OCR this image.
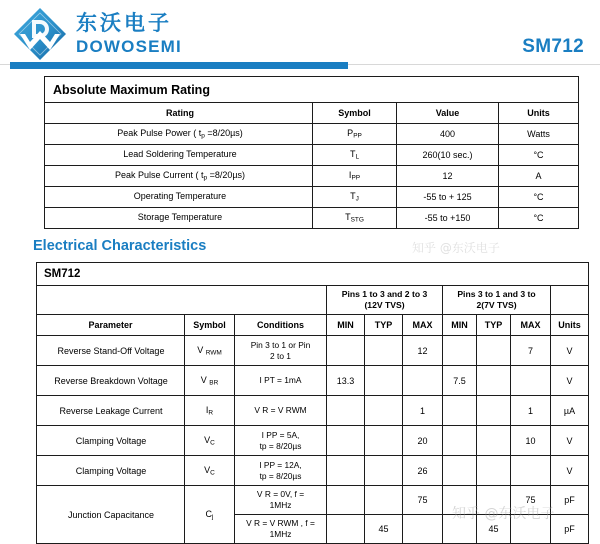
东沃电子
DOWOSEMI	SM712
Absolute Maximum Rating			
Rating	Symbol	Value	Units
Peak Pulse Power ( $t_p =8/20\mu s$)	$P_{PP}$	400	Watts
Lead Soldering Temperature	$T_L$	260(10 sec.)	°C
Peak Pulse Current ( $t_p =8/20\mu s$)	$I_{PP}$	12	A
Operating Temperature	$T_J$	-55 to + 125	°C
Storage Temperature	$T_{STG}$	-55 to +150	°C
Electrical Characteristics
SM712									
			Pins 1 to 3 and 2 to 3 (12V TVS)			Pins 3 to 1 and 3 to 2(7V TVS)			
Parameter	Symbol	Conditions	MIN	TYP	MAX	MIN	TYP	MAX	Units
Reverse Stand-Off Voltage	V $_{RWM}$	Pin 3 to 1 or Pin
2 to 1			12			7	V
Reverse Breakdown Voltage	V $_{BR}$	I PT = 1mA	13.3			7.5			V
Reverse Leakage Current	$I_R$	V R = V RWM			1			1	µA
Clamping Voltage	$V_C$	I PP = 5A,
tp = 8/20µs			20			10	V
Clamping Voltage	$V_C$	I PP = 12A,
tp = 8/20µs			26				V
Junction Capacitance	$C_j$	V R = 0V, f =
1MHz			75			75	pF
		V R = V RWM , f =
1MHz		45			45		pF
知乎 @东沃电子
知乎 @东沃电子
